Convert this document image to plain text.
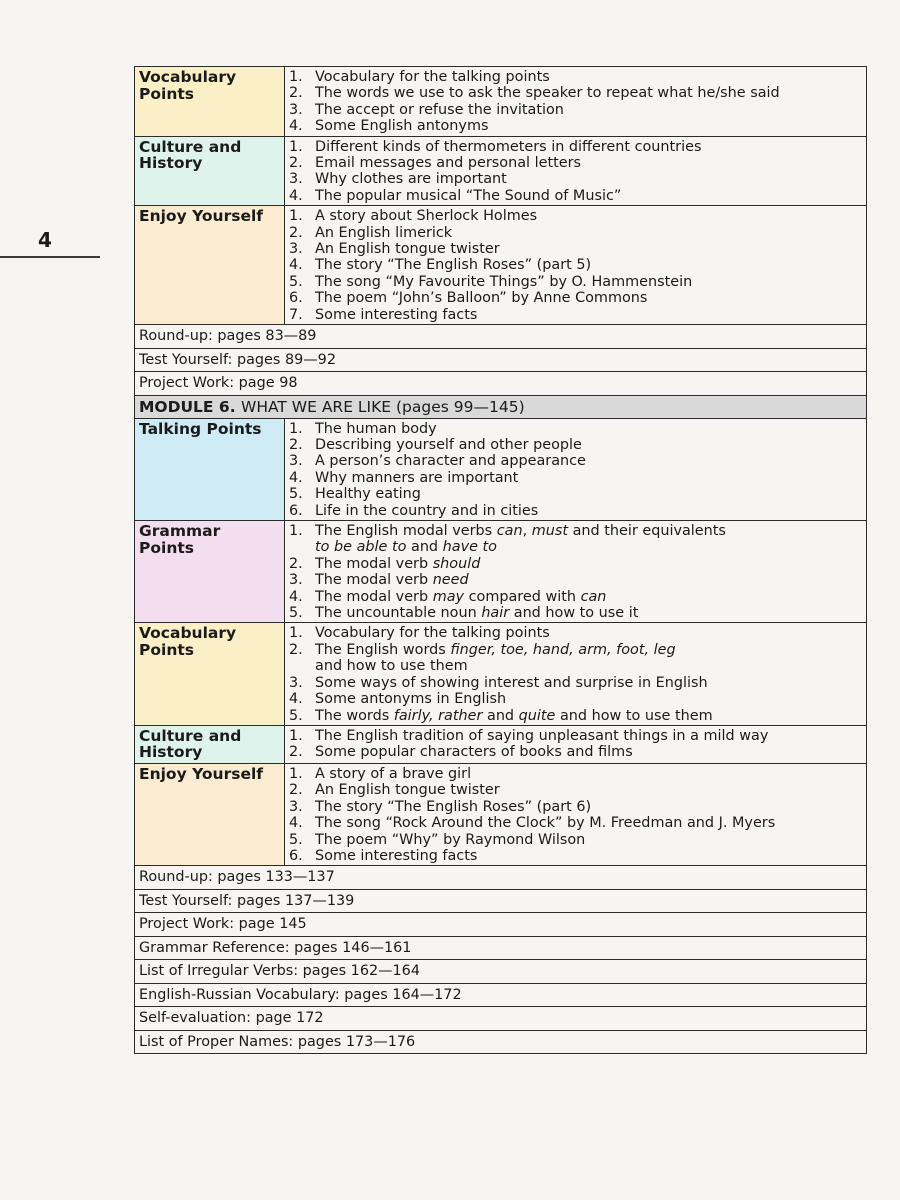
4
Vocabulary Points
1. Vocabulary for the talking points
2. The words we use to ask the speaker to repeat what he/she said
3. The accept or refuse the invitation
4. Some English antonyms
Culture and History
1. Different kinds of thermometers in different countries
2. Email messages and personal letters
3. Why clothes are important
4. The popular musical “The Sound of Music”
Enjoy Yourself	1. A story about Sherlock Holmes
2. An English limerick
3. An English tongue twister
4. The story “The English Roses” (part 5)
5. The song “My Favourite Things” by O. Hammenstein
6. The poem “John’s Balloon” by Anne Commons
7. Some interesting facts
Round-up: pages 83—89
Test Yourself: pages 89—92
Project Work: page 98
MODULE 6. WHAT WE ARE LIKE (pages 99—145)
Talking Points	1. The human body
2. Describing yourself and other people
3. A person’s character and appearance
4. Why manners are important
5. Healthy eating
6. Life in the country and in cities
Grammar Points
1. The English modal verbs can, must and their equivalents
to be able to and have to
2. The modal verb should
3. The modal verb need
4. The modal verb may compared with can
5. The uncountable noun hair and how to use it
Vocabulary Points
1. Vocabulary for the talking points
2. The English words finger, toe, hand, arm, foot, leg
and how to use them
3. Some ways of showing interest and surprise in English
4. Some antonyms in English
5. The words fairly, rather and quite and how to use them
Culture and History
1. The English tradition of saying unpleasant things in a mild way
2. Some popular characters of books and films
Enjoy Yourself	1. A story of a brave girl
2. An English tongue twister
3. The story “The English Roses” (part 6)
4. The song “Rock Around the Clock” by M. Freedman and J. Myers
5. The poem “Why” by Raymond Wilson
6. Some interesting facts
Round-up: pages 133—137
Test Yourself: pages 137—139
Project Work: page 145
Grammar Reference: pages 146—161
List of Irregular Verbs: pages 162—164
English-Russian Vocabulary: pages 164—172
Self-evaluation: page 172
List of Proper Names: pages 173—176
